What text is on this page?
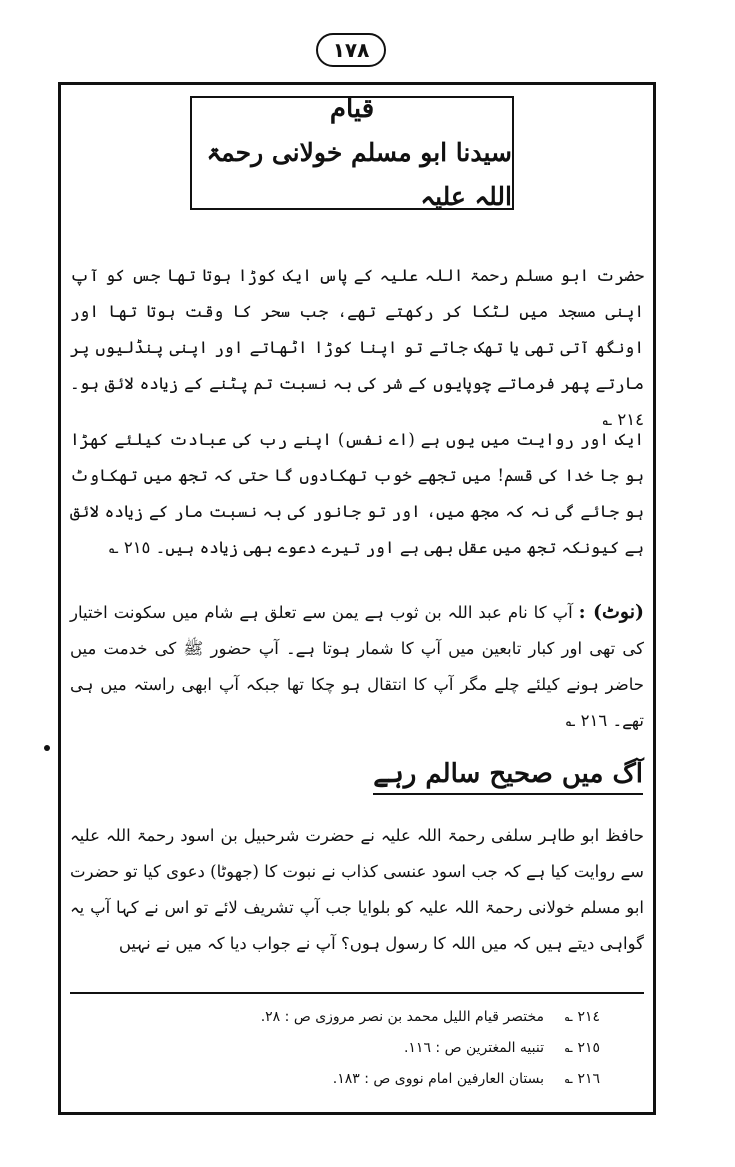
١٧٨
قیام
سیدنا ابو مسلم خولانی رحمۃ اللہ علیہ
حضرت ابو مسلم رحمۃ اللہ علیہ کے پاس ایک کوڑا ہوتا تھا جس کو آپ اپنی مسجد میں لٹکا کر رکھتے تھے، جب سحر کا وقت ہوتا تھا اور اونگھ آتی تھی یا تھک جاتے تو اپنا کوڑا اٹھاتے اور اپنی پنڈلیوں پر مارتے پھر فرماتے چوپایوں کے شر کی بہ نسبت تم پٹنے کے زیادہ لائق ہو۔ ٢١٤ ؎
ایک اور روایت میں یوں ہے (اے نفس) اپنے رب کی عبادت کیلئے کھڑا ہو جا خدا کی قسم! میں تجھے خوب تھکادوں گا حتی کہ تجھ میں تھکاوٹ ہو جائے گی نہ کہ مجھ میں، اور تو جانور کی بہ نسبت مار کے زیادہ لائق ہے کیونکہ تجھ میں عقل بھی ہے اور تیرے دعوے بھی زیادہ ہیں۔ ٢١٥ ؎
(نوٹ) : آپ کا نام عبد اللہ بن ثوب ہے یمن سے تعلق ہے شام میں سکونت اختیار کی تھی اور کبار تابعین میں آپ کا شمار ہوتا ہے۔ آپ حضور ﷺ کی خدمت میں حاضر ہونے کیلئے چلے مگر آپ کا انتقال ہو چکا تھا جبکہ آپ ابھی راستہ میں ہی تھے۔ ٢١٦ ؎
آگ میں صحیح سالم رہے
حافظ ابو طاہر سلفی رحمۃ اللہ علیہ نے حضرت شرحبیل بن اسود رحمۃ اللہ علیہ سے روایت کیا ہے کہ جب اسود عنسی کذاب نے نبوت کا (جھوٹا) دعوی کیا تو حضرت ابو مسلم خولانی رحمۃ اللہ علیہ کو بلوایا جب آپ تشریف لائے تو اس نے کہا آپ یہ گواہی دیتے ہیں کہ میں اللہ کا رسول ہوں؟ آپ نے جواب دیا کہ میں نے نہیں
٢١٤ ؎
مختصر قيام الليل محمد بن نصر مروزی ص : ٢٨.
٢١٥ ؎
تنبيه المغترين ص : ١١٦.
٢١٦ ؎
بستان العارفين امام نووی ص : ١٨٣.
